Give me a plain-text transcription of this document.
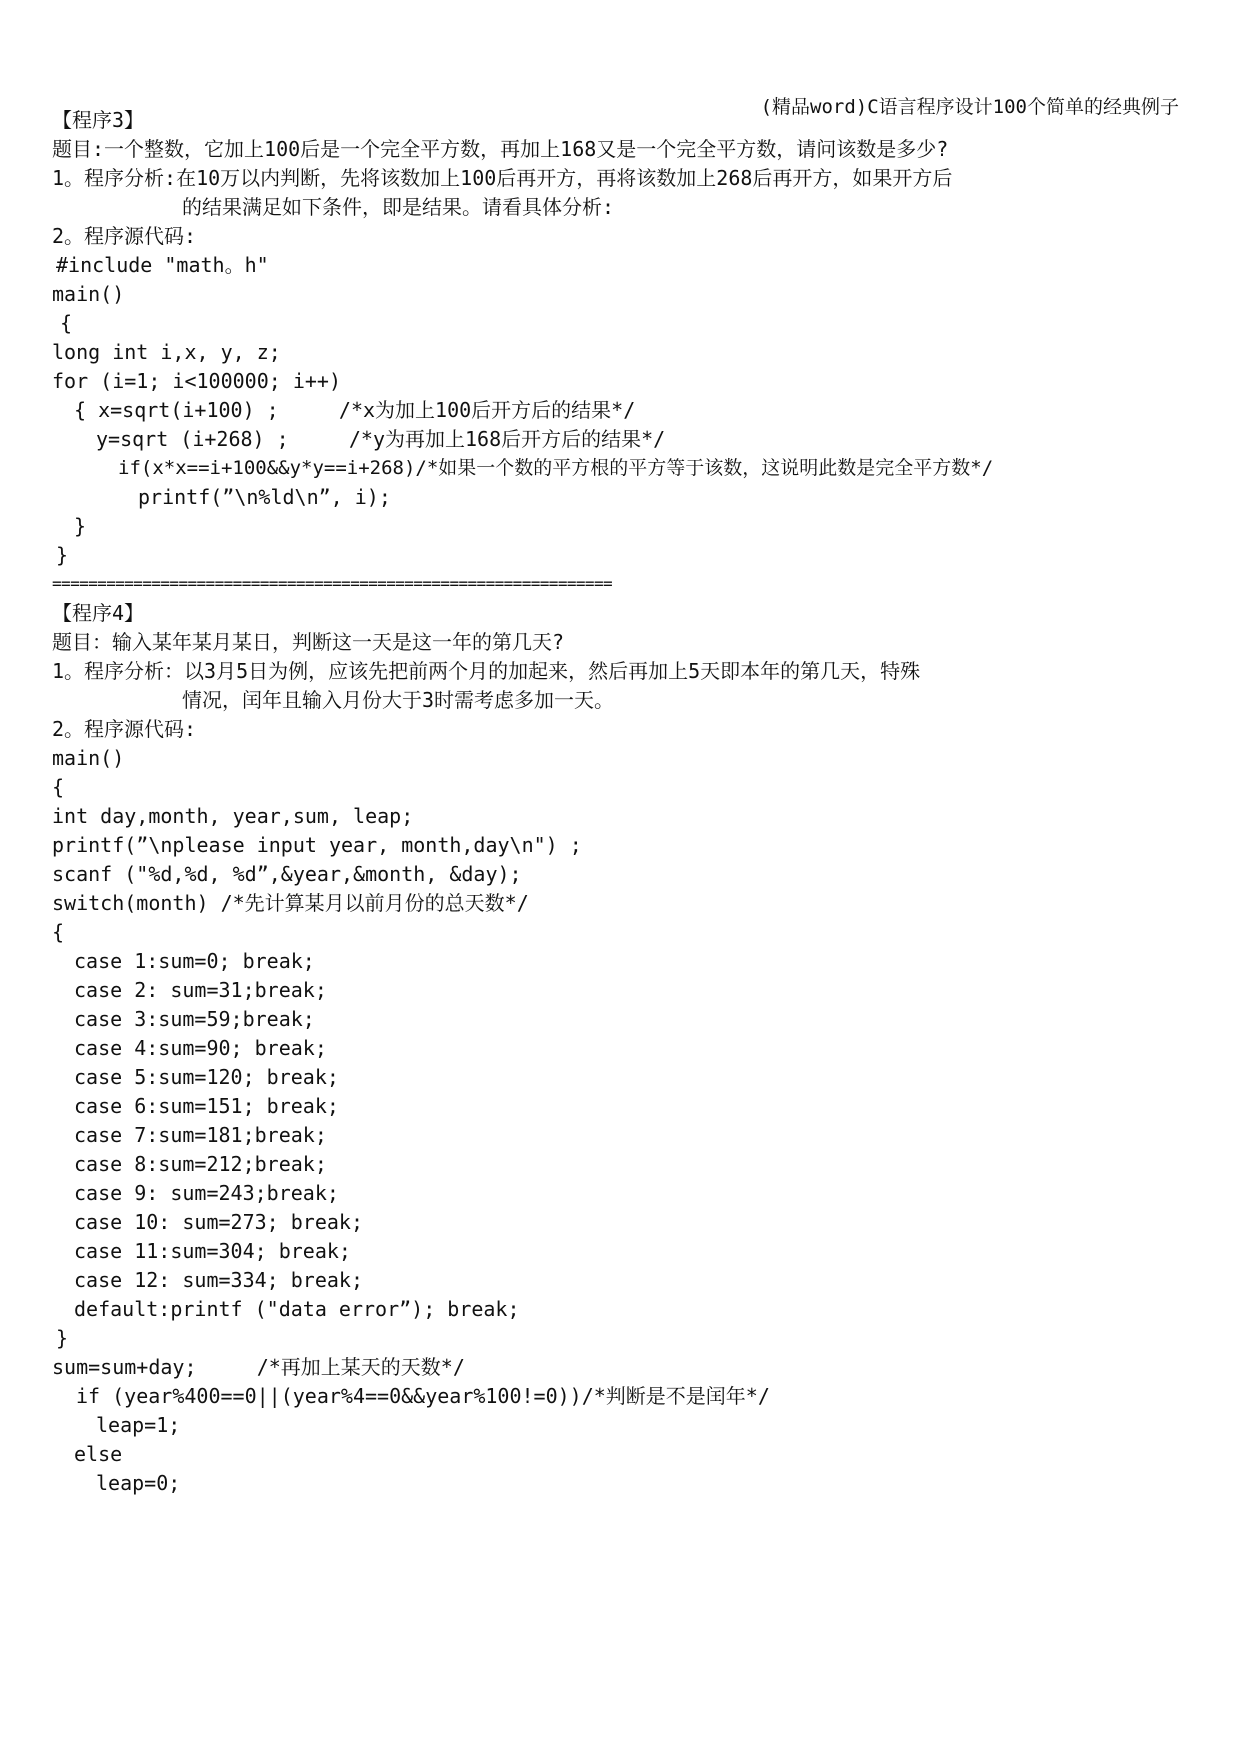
(精品word)C语言程序设计100个简单的经典例子
【程序3】
题目:一个整数，它加上100后是一个完全平方数，再加上168又是一个完全平方数，请问该数是多少?
1。程序分析:在10万以内判断，先将该数加上100后再开方，再将该数加上268后再开方，如果开方后
的结果满足如下条件，即是结果。请看具体分析:
2。程序源代码:
#include "math。h"
main()
{
long int i,x, y, z;
for (i=1; i<100000; i++)
{ x=sqrt(i+100) ;     /*x为加上100后开方后的结果*/
y=sqrt (i+268) ;     /*y为再加上168后开方后的结果*/
if(x*x==i+100&&y*y==i+268)/*如果一个数的平方根的平方等于该数，这说明此数是完全平方数*/
printf(”\n%ld\n”, i);
}
}
==============================================================
【程序4】
题目：输入某年某月某日，判断这一天是这一年的第几天?
1。程序分析：以3月5日为例，应该先把前两个月的加起来，然后再加上5天即本年的第几天，特殊
情况，闰年且输入月份大于3时需考虑多加一天。
2。程序源代码:
main()
{
int day,month, year,sum, leap;
printf(”\nplease input year, month,day\n") ;
scanf ("%d,%d, %d”,&year,&month, &day);
switch(month) /*先计算某月以前月份的总天数*/
{
case 1:sum=0; break;
case 2: sum=31;break;
case 3:sum=59;break;
case 4:sum=90; break;
case 5:sum=120; break;
case 6:sum=151; break;
case 7:sum=181;break;
case 8:sum=212;break;
case 9: sum=243;break;
case 10: sum=273; break;
case 11:sum=304; break;
case 12: sum=334; break;
default:printf ("data error”); break;
}
sum=sum+day;     /*再加上某天的天数*/
if (year%400==0||(year%4==0&&year%100!=0))/*判断是不是闰年*/
leap=1;
else
leap=0;
